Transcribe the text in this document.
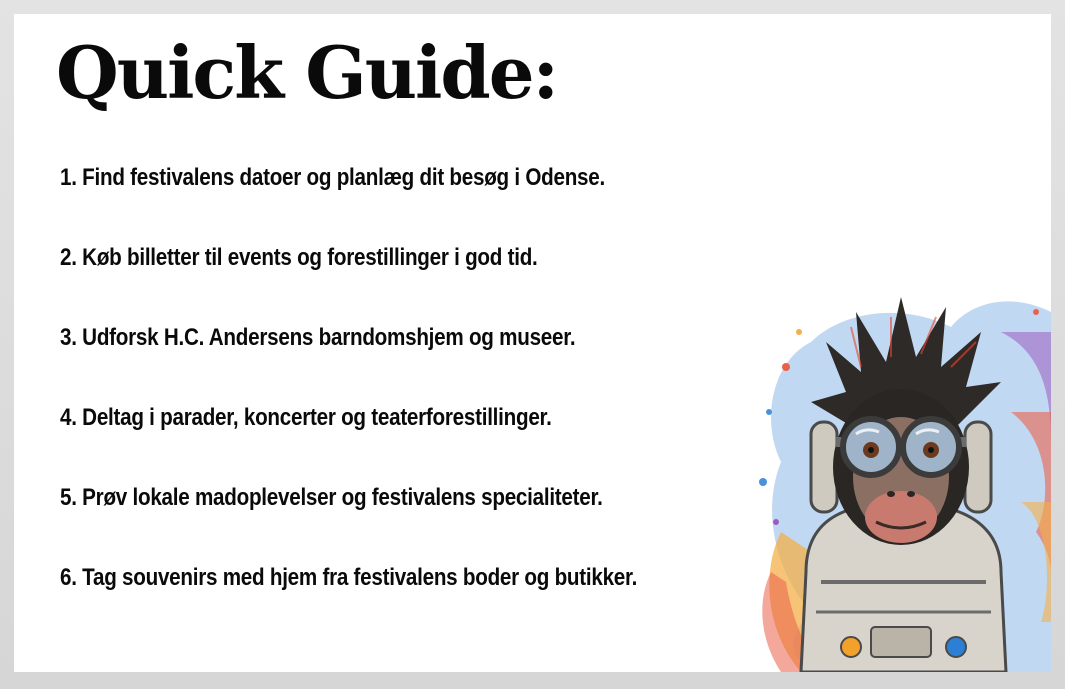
Quick Guide:
1. Find festivalens datoer og planlæg dit besøg i Odense.
2. Køb billetter til events og forestillinger i god tid.
3. Udforsk H.C. Andersens barndomshjem og museer.
4. Deltag i parader, koncerter og teaterforestillinger.
5. Prøv lokale madoplevelser og festivalens specialiteter.
6. Tag souvenirs med hjem fra festivalens boder og butikker.
